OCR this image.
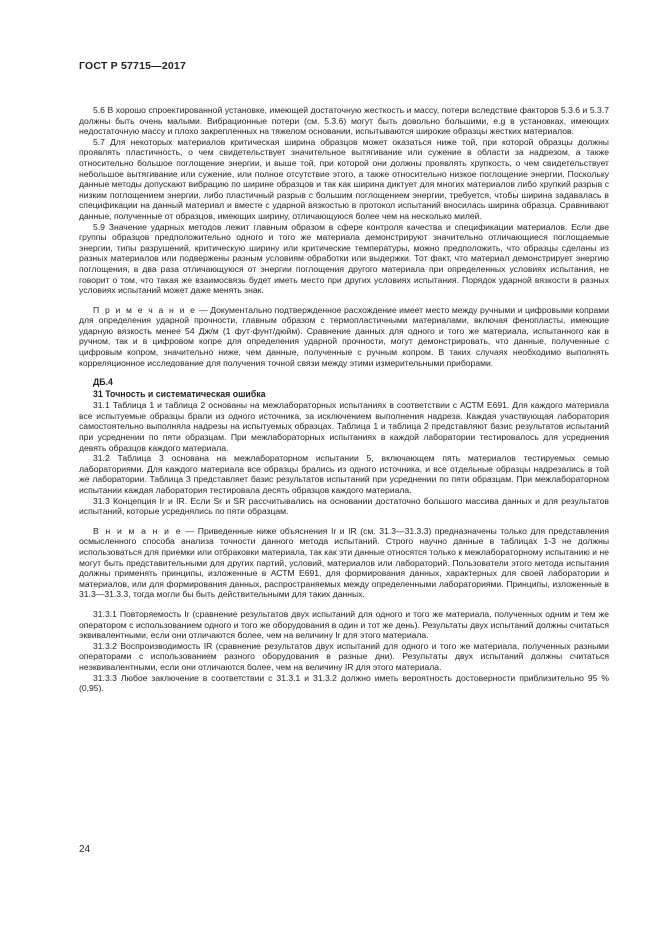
ГОСТ Р 57715—2017

5.6 В хорошо спроектированной установке, имеющей достаточную жесткость и массу, потери вследствие факторов 5.3.6 и 5.3.7 должны быть очень малыми. Вибрационные потери (см. 5.3.6) могут быть довольно большими, e.g в установках, имеющих недостаточную массу и плохо закрепленных на тяжелом основании, испытываются широкие образцы жестких материалов.

5.7 Для некоторых материалов критическая ширина образцов может оказаться ниже той, при которой образцы должны проявлять пластичность, о чем свидетельствует значительное вытягивание или сужение в области за надрезом, а также относительно большое поглощение энергии, и выше той, при которой они должны проявлять хрупкость, о чем свидетельствует небольшое вытягивание или сужение, или полное отсутствие этого, а также относительно низкое поглощение энергии. Поскольку данные методы допускают вибрацию по ширине образцов и так как ширина диктует для многих материалов либо хрупкий разрыв с низким поглощением энергии, либо пластичный разрыв с большим поглощением энергии, требуется, чтобы ширина задавалась в спецификации на данный материал и вместе с ударной вязкостью в протокол испытаний вносилась ширина образца. Сравнивают данные, полученные от образцов, имеющих ширину, отличающуюся более чем на несколько милей.

5.9 Значение ударных методов лежит главным образом в сфере контроля качества и спецификации материалов. Если две группы образцов предположительно одного и того же материала демонстрируют значительно отличающиеся поглощаемые энергии, типы разрушений, критическую ширину или критические температуры, можно предположить, что образцы сделаны из разных материалов или подвержены разным условиям обработки или выдержки. Тот факт, что материал демонстрирует энергию поглощения, в два раза отличающуюся от энергии поглощения другого материала при определенных условиях испытания, не говорит о том, что такая же взаимосвязь будет иметь место при других условиях испытания. Порядок ударной вязкости в разных условиях испытаний может даже менять знак.

П р и м е ч а н и е — Документально подтвержденное расхождение имеет место между ручными и цифровыми копрами для определения ударной прочности, главным образом с термопластичными материалами, включая фенопласты, имеющие ударную вязкость менее 54 Дж/м (1 фут·фунт/дюйм). Сравнение данных для одного и того же материала, испытанного как в ручном, так и в цифровом копре для определения ударной прочности, могут демонстрировать, что данные, полученные с цифровым копром, значительно ниже, чем данные, полученные с ручным копром. В таких случаях необходимо выполнять корреляционное исследование для получения точной связи между этими измерительными приборами.

ДБ.4
31 Точность и систематическая ошибка

31.1 Таблица 1 и таблица 2 основаны на межлабораторных испытаниях в соответствии с АСТМ E691. Для каждого материала все испытуемые образцы брали из одного источника, за исключением выполнения надреза. Каждая участвующая лаборатория самостоятельно выполняла надрезы на испытуемых образцах. Таблица 1 и таблица 2 представляют базис результатов испытаний при усреднении по пяти образцам. При межлабораторных испытаниях в каждой лаборатории тестировалось для усреднения девять образцов каждого материала.

31.2 Таблица 3 основана на межлабораторном испытании 5, включающем пять материалов тестируемых семью лабораториями. Для каждого материала все образцы брались из одного источника, и все отдельные образцы надрезались в той же лаборатории. Таблица 3 представляет базис результатов испытаний при усреднении по пяти образцам. При межлабораторном испытании каждая лаборатория тестировала десять образцов каждого материала.

31.3 Концепция Ir и IR. Если Sr и SR рассчитывались на основании достаточно большого массива данных и для результатов испытаний, которые усреднялись по пяти образцам.

В н и м а н и е — Приведенные ниже объяснения Ir и IR (см. 31.3—31.3.3) предназначены только для представления осмысленного способа анализа точности данного метода испытаний. Строго научно данные в таблицах 1-3 не должны использоваться для приемки или отбраковки материала, так как эти данные относятся только к межлабораторному испытанию и не могут быть представительными для других партий, условий, материалов или лабораторий. Пользователи этого метода испытания должны применять принципы, изложенные в АСТМ E691, для формирования данных, характерных для своей лаборатории и материалов, или для формирования данных, распространяемых между определенными лабораториями. Принципы, изложенные в 31.3—31.3.3, тогда могли бы быть действительными для таких данных.

31.3.1 Повторяемость Ir (сравнение результатов двух испытаний для одного и того же материала, полученных одним и тем же оператором с использованием одного и того же оборудования в один и тот же день). Результаты двух испытаний должны считаться эквивалентными, если они отличаются более, чем на величину Ir для этого материала.

31.3.2 Воспроизводимость IR (сравнение результатов двух испытаний для одного и того же материала, полученных разными операторами с использованием разного оборудования в разные дни). Результаты двух испытаний должны считаться неэквивалентными, если они отличаются более, чем на величину IR для этого материала.

31.3.3 Любое заключение в соответствии с 31.3.1 и 31.3.2 должно иметь вероятность достоверности приблизительно 95 % (0,95).

24
